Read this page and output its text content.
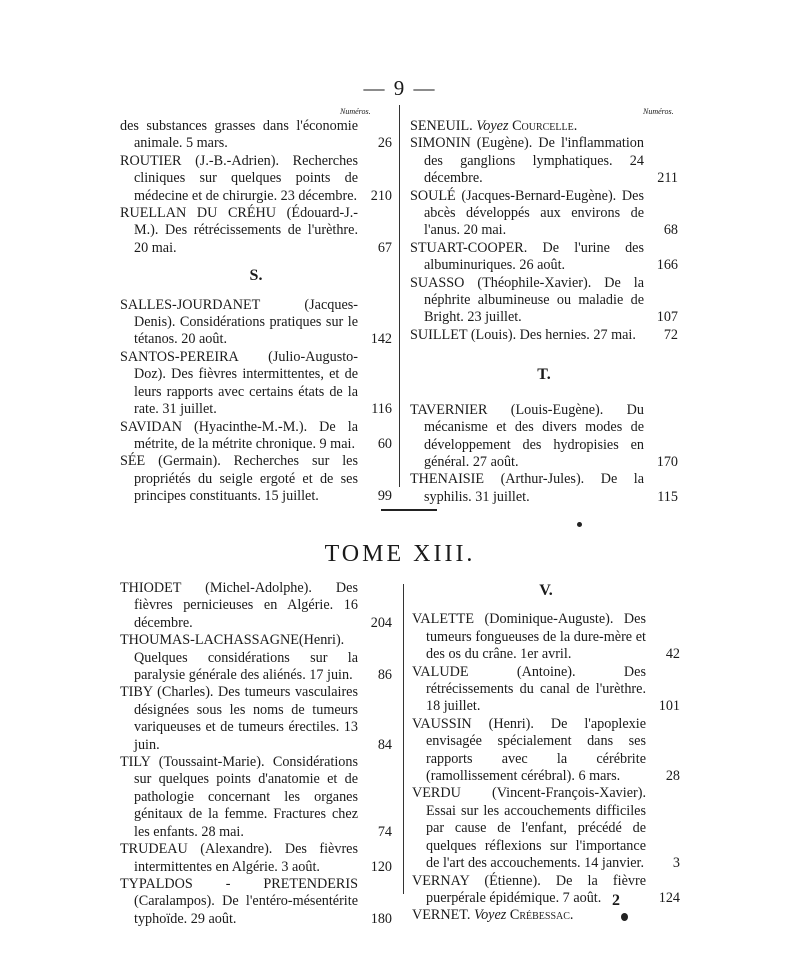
— 9 —
Numéros.	Numéros.
des substances grasses dans l'économie animale. 5 mars.	26
ROUTIER (J.-B.-Adrien). Recherches cliniques sur quelques points de médecine et de chirurgie. 23 décembre. 210
RUELLAN DU CRÉHU (Édouard-J.-M.). Des rétrécissements de l'urèthre. 20 mai.	67
S.
SALLES-JOURDANET (Jacques-Denis). Considérations pratiques sur le tétanos. 20 août.	142
SANTOS-PEREIRA (Julio-Augusto-Doz). Des fièvres intermittentes, et de leurs rapports avec certains états de la rate. 31 juillet.	116
SAVIDAN (Hyacinthe-M.-M.). De la métrite, de la métrite chronique. 9 mai.	60
SÉE (Germain). Recherches sur les propriétés du seigle ergoté et de ses principes constituants. 15 juillet.	99
SENEUIL. Voyez Courcelle.
SIMONIN (Eugène). De l'inflammation des ganglions lymphatiques. 24 décembre.	211
SOULÉ (Jacques-Bernard-Eugène). Des abcès développés aux environs de l'anus. 20 mai.	68
STUART-COOPER. De l'urine des albuminuriques. 26 août.	166
SUASSO (Théophile-Xavier). De la néphrite albumineuse ou maladie de Bright. 23 juillet.	107
SUILLET (Louis). Des hernies. 27 mai.	72
T.
TAVERNIER (Louis-Eugène). Du mécanisme et des divers modes de développement des hydropisies en général. 27 août.	170
THENAISIE (Arthur-Jules). De la syphilis. 31 juillet.	115
TOME XIII.
THIODET (Michel-Adolphe). Des fièvres pernicieuses en Algérie. 16 décembre.	204
THOUMAS-LACHASSAGNE(Henri). Quelques considérations sur la paralysie générale des aliénés. 17 juin.	86
TIBY (Charles). Des tumeurs vasculaires désignées sous les noms de tumeurs variqueuses et de tumeurs érectiles. 13 juin.	84
TILY (Toussaint-Marie). Considérations sur quelques points d'anatomie et de pathologie concernant les organes génitaux de la femme. Fractures chez les enfants. 28 mai.	74
TRUDEAU (Alexandre). Des fièvres intermittentes en Algérie. 3 août.	120
TYPALDOS - PRETENDERIS (Caralampos). De l'entéro-mésentérite typhoïde. 29 août.	180
V.
VALETTE (Dominique-Auguste). Des tumeurs fongueuses de la dure-mère et des os du crâne. 1er avril.	42
VALUDE (Antoine). Des rétrécissements du canal de l'urèthre. 18 juillet.	101
VAUSSIN (Henri). De l'apoplexie envisagée spécialement dans ses rapports avec la cérébrite (ramollissement cérébral). 6 mars.	28
VERDU (Vincent-François-Xavier). Essai sur les accouchements difficiles par cause de l'enfant, précédé de quelques réflexions sur l'importance de l'art des accouchements. 14 janvier.	3
VERNAY (Étienne). De la fièvre puerpérale épidémique. 7 août.	124
VERNET. Voyez Crébessac.
2
